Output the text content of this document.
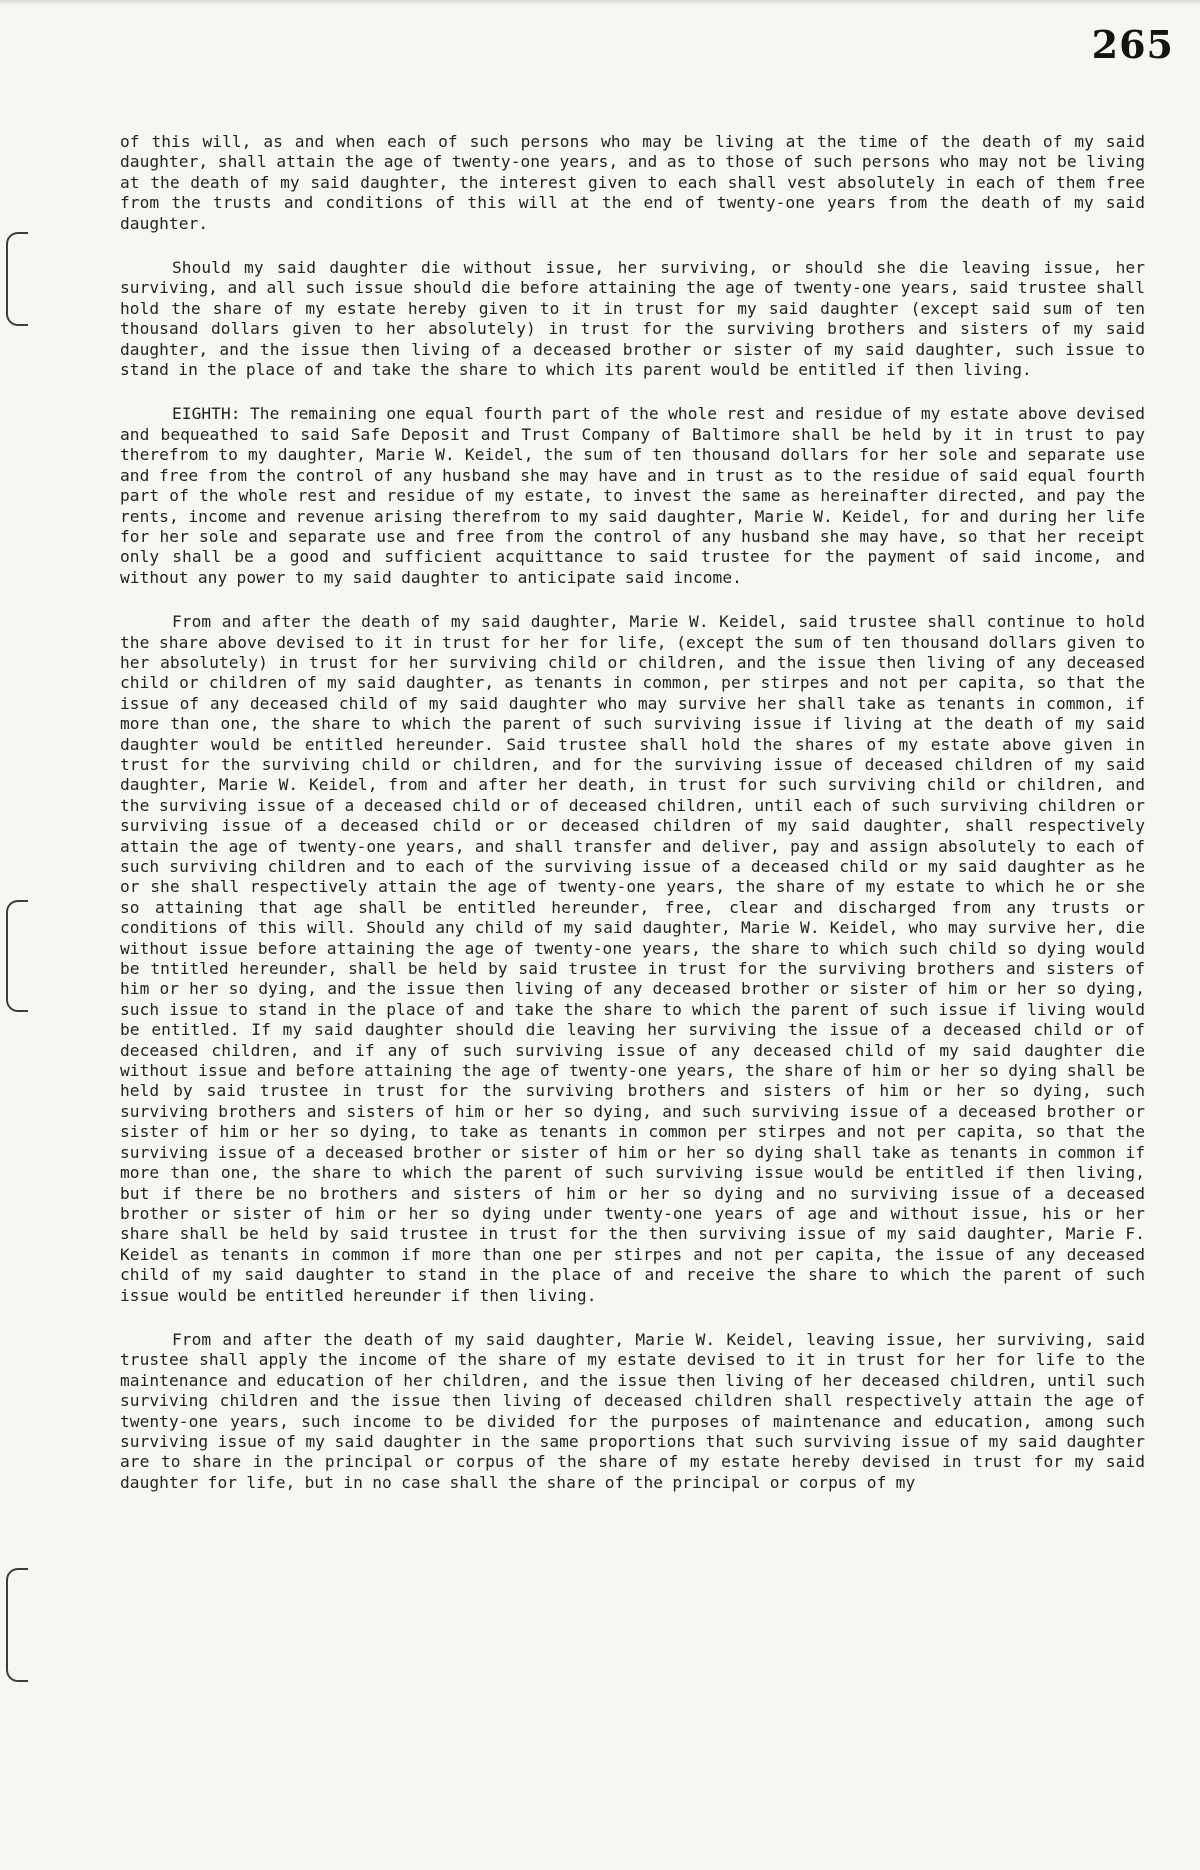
265

of this will, as and when each of such persons who may be living at the time of the death of my said daughter, shall attain the age of twenty-one years, and as to those of such persons who may not be living at the death of my said daughter, the interest given to each shall vest absolutely in each of them free from the trusts and conditions of this will at the end of twenty-one years from the death of my said daughter.

Should my said daughter die without issue, her surviving, or should she die leaving issue, her surviving, and all such issue should die before attaining the age of twenty-one years, said trustee shall hold the share of my estate hereby given to it in trust for my said daughter (except said sum of ten thousand dollars given to her absolutely) in trust for the surviving brothers and sisters of my said daughter, and the issue then living of a deceased brother or sister of my said daughter, such issue to stand in the place of and take the share to which its parent would be entitled if then living.

EIGHTH: The remaining one equal fourth part of the whole rest and residue of my estate above devised and bequeathed to said Safe Deposit and Trust Company of Baltimore shall be held by it in trust to pay therefrom to my daughter, Marie W. Keidel, the sum of ten thousand dollars for her sole and separate use and free from the control of any husband she may have and in trust as to the residue of said equal fourth part of the whole rest and residue of my estate, to invest the same as hereinafter directed, and pay the rents, income and revenue arising therefrom to my said daughter, Marie W. Keidel, for and during her life for her sole and separate use and free from the control of any husband she may have, so that her receipt only shall be a good and sufficient acquittance to said trustee for the payment of said income, and without any power to my said daughter to anticipate said income.

From and after the death of my said daughter, Marie W. Keidel, said trustee shall continue to hold the share above devised to it in trust for her for life, (except the sum of ten thousand dollars given to her absolutely) in trust for her surviving child or children, and the issue then living of any deceased child or children of my said daughter, as tenants in common, per stirpes and not per capita, so that the issue of any deceased child of my said daughter who may survive her shall take as tenants in common, if more than one, the share to which the parent of such surviving issue if living at the death of my said daughter would be entitled hereunder. Said trustee shall hold the shares of my estate above given in trust for the surviving child or children, and for the surviving issue of deceased children of my said daughter, Marie W. Keidel, from and after her death, in trust for such surviving child or children, and the surviving issue of a deceased child or of deceased children, until each of such surviving children or surviving issue of a deceased child or or deceased children of my said daughter, shall respectively attain the age of twenty-one years, and shall transfer and deliver, pay and assign absolutely to each of such surviving children and to each of the surviving issue of a deceased child or my said daughter as he or she shall respectively attain the age of twenty-one years, the share of my estate to which he or she so attaining that age shall be entitled hereunder, free, clear and discharged from any trusts or conditions of this will. Should any child of my said daughter, Marie W. Keidel, who may survive her, die without issue before attaining the age of twenty-one years, the share to which such child so dying would be tntitled hereunder, shall be held by said trustee in trust for the surviving brothers and sisters of him or her so dying, and the issue then living of any deceased brother or sister of him or her so dying, such issue to stand in the place of and take the share to which the parent of such issue if living would be entitled. If my said daughter should die leaving her surviving the issue of a deceased child or of deceased children, and if any of such surviving issue of any deceased child of my said daughter die without issue and before attaining the age of twenty-one years, the share of him or her so dying shall be held by said trustee in trust for the surviving brothers and sisters of him or her so dying, such surviving brothers and sisters of him or her so dying, and such surviving issue of a deceased brother or sister of him or her so dying, to take as tenants in common per stirpes and not per capita, so that the surviving issue of a deceased brother or sister of him or her so dying shall take as tenants in common if more than one, the share to which the parent of such surviving issue would be entitled if then living, but if there be no brothers and sisters of him or her so dying and no surviving issue of a deceased brother or sister of him or her so dying under twenty-one years of age and without issue, his or her share shall be held by said trustee in trust for the then surviving issue of my said daughter, Marie F. Keidel as tenants in common if more than one per stirpes and not per capita, the issue of any deceased child of my said daughter to stand in the place of and receive the share to which the parent of such issue would be entitled hereunder if then living.

From and after the death of my said daughter, Marie W. Keidel, leaving issue, her surviving, said trustee shall apply the income of the share of my estate devised to it in trust for her for life to the maintenance and education of her children, and the issue then living of her deceased children, until such surviving children and the issue then living of deceased children shall respectively attain the age of twenty-one years, such income to be divided for the purposes of maintenance and education, among such surviving issue of my said daughter in the same proportions that such surviving issue of my said daughter are to share in the principal or corpus of the share of my estate hereby devised in trust for my said daughter for life, but in no case shall the share of the principal or corpus of my
